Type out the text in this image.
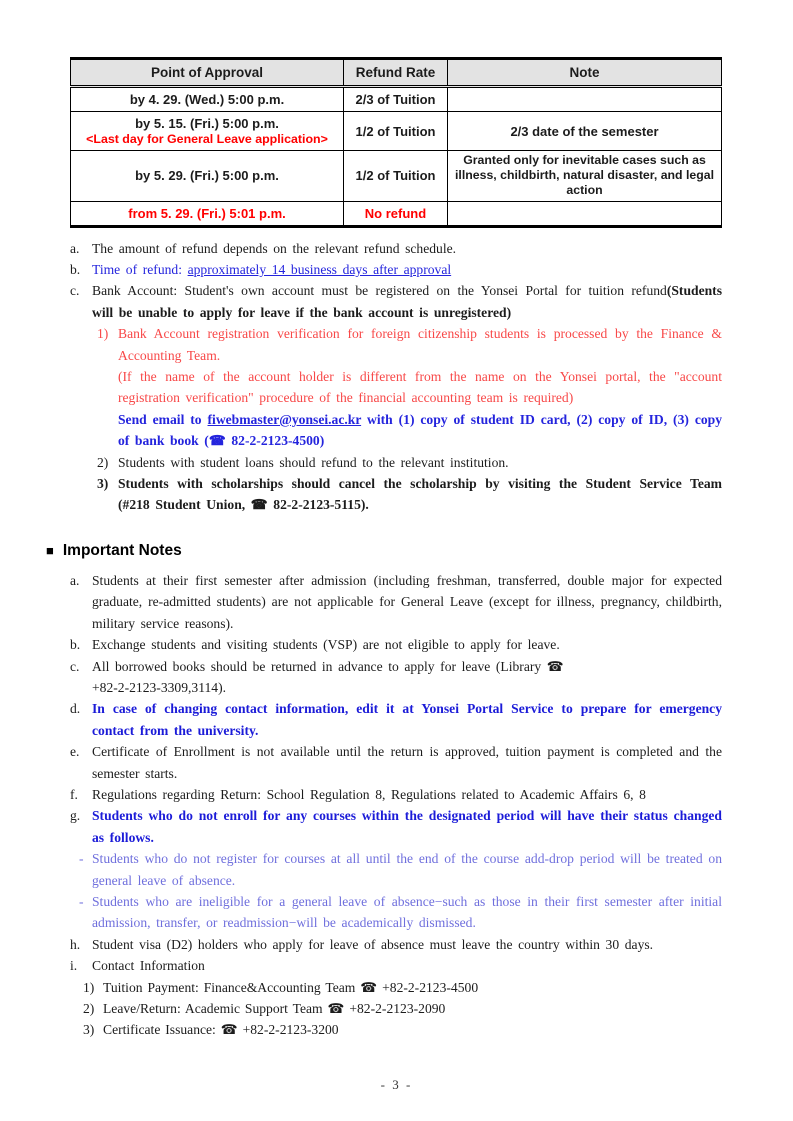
Point of Approval	Refund Rate	Note
by 4. 29. (Wed.) 5:00 p.m.	2/3 of Tuition	

by 5. 15. (Fri.) 5:00 p.m.
<Last day for General Leave application>	1/2 of Tuition	2/3 date of the semester
by 5. 29. (Fri.) 5:00 p.m.	1/2 of Tuition	Granted only for inevitable cases such as illness, childbirth, natural disaster, and legal action
from 5. 29. (Fri.) 5:01 p.m.	No refund	
a. The amount of refund depends on the relevant refund schedule.
b. Time of refund: approximately 14 business days after approval
c. Bank Account: Student's own account must be registered on the Yonsei Portal for tuition refund(Students will be unable to apply for leave if the bank account is unregistered)
1) Bank Account registration verification for foreign citizenship students is processed by the Finance & Accounting Team.
(If the name of the account holder is different from the name on the Yonsei portal, the "account registration verification" procedure of the financial accounting team is required)
Send email to fiwebmaster@yonsei.ac.kr with (1) copy of student ID card, (2) copy of ID, (3) copy of bank book (☎ 82-2-2123-4500)
2) Students with student loans should refund to the relevant institution.
3) Students with scholarships should cancel the scholarship by visiting the Student Service Team (#218 Student Union, ☎ 82-2-2123-5115).
■ Important Notes
a. Students at their first semester after admission (including freshman, transferred, double major for expected graduate, re-admitted students) are not applicable for General Leave (except for illness, pregnancy, childbirth, military service reasons).
b. Exchange students and visiting students (VSP) are not eligible to apply for leave.
c. All borrowed books should be returned in advance to apply for leave (Library ☎
+82-2-2123-3309,3114).
d. In case of changing contact information, edit it at Yonsei Portal Service to prepare for emergency contact from the university.
e. Certificate of Enrollment is not available until the return is approved, tuition payment is completed and the semester starts.
f.	Regulations regarding Return: School Regulation 8, Regulations related to Academic Affairs 6, 8
g. Students who do not enroll for any courses within the designated period will have their status changed as follows.
- Students who do not register for courses at all until the end of the course add-drop period will be treated on general leave of absence.
- Students who are ineligible for a general leave of absence−such as those in their first semester after initial admission, transfer, or readmission−will be academically dismissed.
h. Student visa (D2) holders who apply for leave of absence must leave the country within 30 days.
i.	Contact Information
1) Tuition Payment: Finance&Accounting Team ☎ +82-2-2123-4500
2) Leave/Return: Academic Support Team ☎ +82-2-2123-2090
3) Certificate Issuance: ☎ +82-2-2123-3200
- 3 -
